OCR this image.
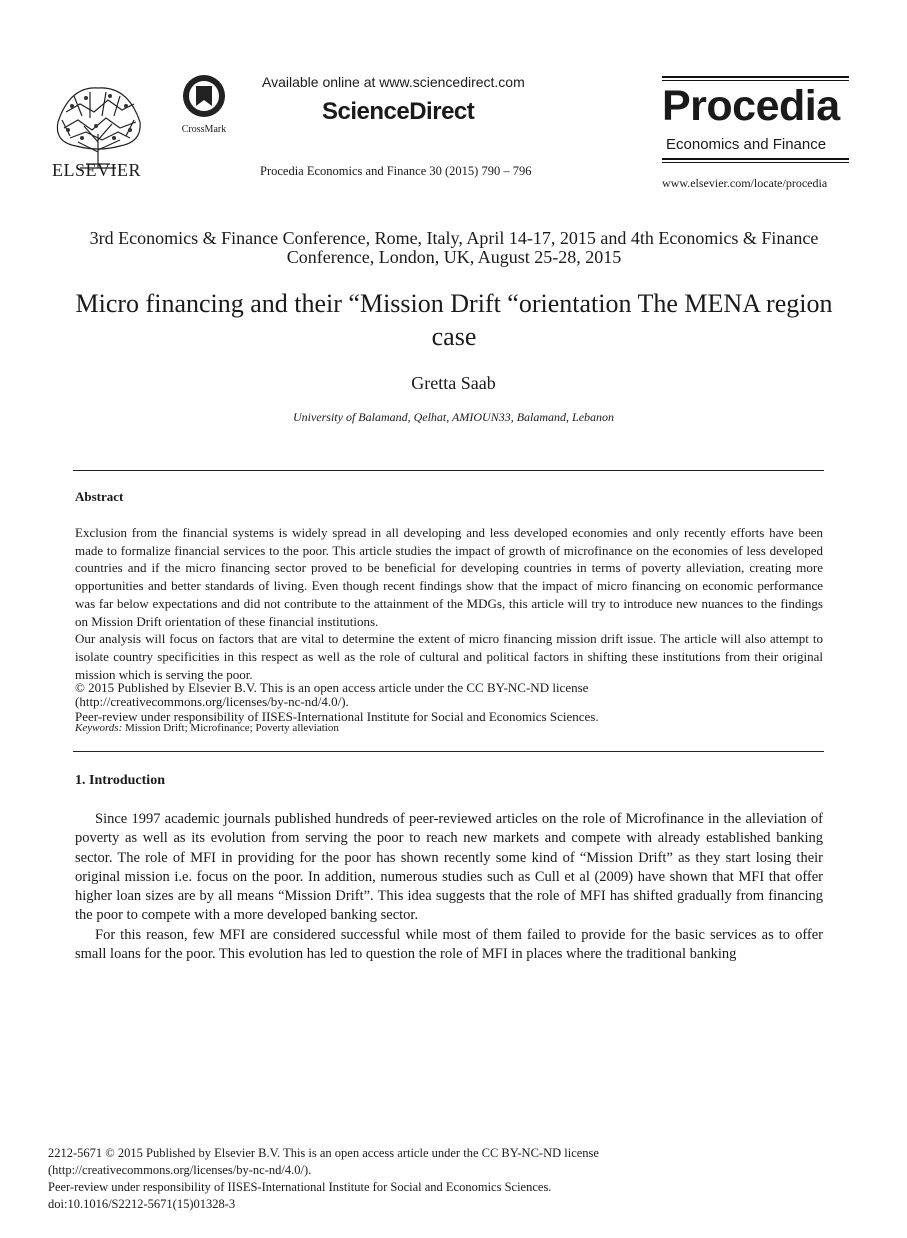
ELSEVIER
CrossMark
Available online at www.sciencedirect.com
ScienceDirect
Procedia Economics and Finance 30 (2015) 790 – 796
Procedia
Economics and Finance
www.elsevier.com/locate/procedia
3rd Economics & Finance Conference, Rome, Italy, April 14-17, 2015 and 4th Economics & Finance Conference, London, UK, August 25-28, 2015
Micro financing and their “Mission Drift “orientation The MENA region case
Gretta Saab
University of Balamand, Qelhat, AMIOUN33, Balamand, Lebanon
Abstract

Exclusion from the financial systems is widely spread in all developing and less developed economies and only recently efforts have been made to formalize financial services to the poor. This article studies the impact of growth of microfinance on the economies of less developed countries and if the micro financing sector proved to be beneficial for developing countries in terms of poverty alleviation, creating more opportunities and better standards of living. Even though recent findings show that the impact of micro financing on economic performance was far below expectations and did not contribute to the attainment of the MDGs, this article will try to introduce new nuances to the findings on Mission Drift orientation of these financial institutions.

Our analysis will focus on factors that are vital to determine the extent of micro financing mission drift issue. The article will also attempt to isolate country specificities in this respect as well as the role of cultural and political factors in shifting these institutions from their original mission which is serving the poor.

© 2015 Published by Elsevier B.V. This is an open access article under the CC BY-NC-ND license
(http://creativecommons.org/licenses/by-nc-nd/4.0/).
Peer-review under responsibility of IISES-International Institute for Social and Economics Sciences.
Keywords: Mission Drift; Microfinance; Poverty alleviation
1. Introduction

Since 1997 academic journals published hundreds of peer-reviewed articles on the role of Microfinance in the alleviation of poverty as well as its evolution from serving the poor to reach new markets and compete with already established banking sector. The role of MFI in providing for the poor has shown recently some kind of “Mission Drift” as they start losing their original mission i.e. focus on the poor. In addition, numerous studies such as Cull et al (2009) have shown that MFI that offer higher loan sizes are by all means “Mission Drift”. This idea suggests that the role of MFI has shifted gradually from financing the poor to compete with a more developed banking sector.

For this reason, few MFI are considered successful while most of them failed to provide for the basic services as to offer small loans for the poor. This evolution has led to question the role of MFI in places where the traditional banking

2212-5671 © 2015 Published by Elsevier B.V. This is an open access article under the CC BY-NC-ND license
(http://creativecommons.org/licenses/by-nc-nd/4.0/).
Peer-review under responsibility of IISES-International Institute for Social and Economics Sciences.
doi:10.1016/S2212-5671(15)01328-3
